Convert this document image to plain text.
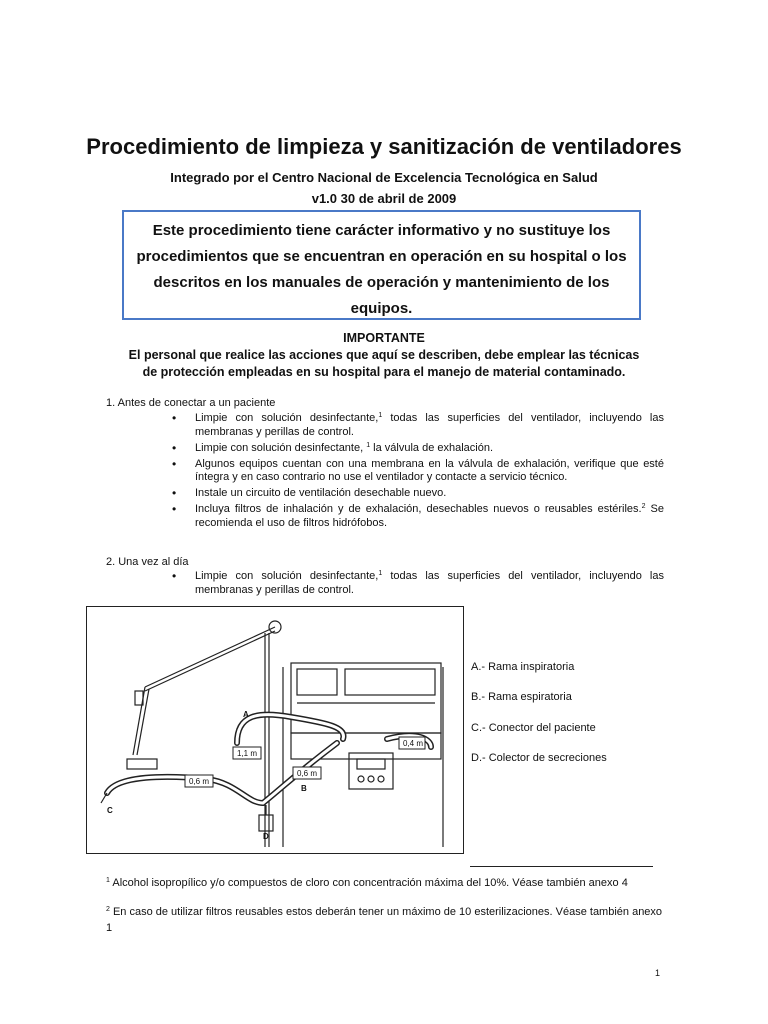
Procedimiento de limpieza y sanitización de ventiladores
Integrado por el Centro Nacional de Excelencia Tecnológica en Salud
v1.0 30 de abril de 2009
Este procedimiento tiene carácter informativo y no sustituye los procedimientos que se encuentran en operación en su hospital o los descritos en los manuales de operación y mantenimiento de los equipos.
IMPORTANTE
El personal que realice las acciones que aquí se describen, debe emplear las técnicas de protección empleadas en su hospital para el manejo de material contaminado.
1. Antes de conectar a un paciente
• Limpie con solución desinfectante,$^1$ todas las superficies del ventilador, incluyendo las membranas y perillas de control.
• Limpie con solución desinfectante, $^1$ la válvula de exhalación.
• Algunos equipos cuentan con una membrana en la válvula de exhalación, verifique que esté íntegra y en caso contrario no use el ventilador y contacte a servicio técnico.
• Instale un circuito de ventilación desechable nuevo.
• Incluya filtros de inhalación y de exhalación, desechables nuevos o reusables estériles.$^2$ Se recomienda el uso de filtros hidrófobos.
2. Una vez al día
• Limpie con solución desinfectante,$^1$ todas las superficies del ventilador, incluyendo las membranas y perillas de control.
1,1 m
0,6 m
0,6 m
0,4 m
A
B
C
D
A.- Rama inspiratoria
B.- Rama espiratoria
C.- Conector del paciente
D.- Colector de secreciones
$^1$ Alcohol isopropílico y/o compuestos de cloro con concentración máxima del 10%. Véase también anexo 4
$^2$ En caso de utilizar filtros reusables estos deberán tener un máximo de 10 esterilizaciones. Véase también anexo 1
1
